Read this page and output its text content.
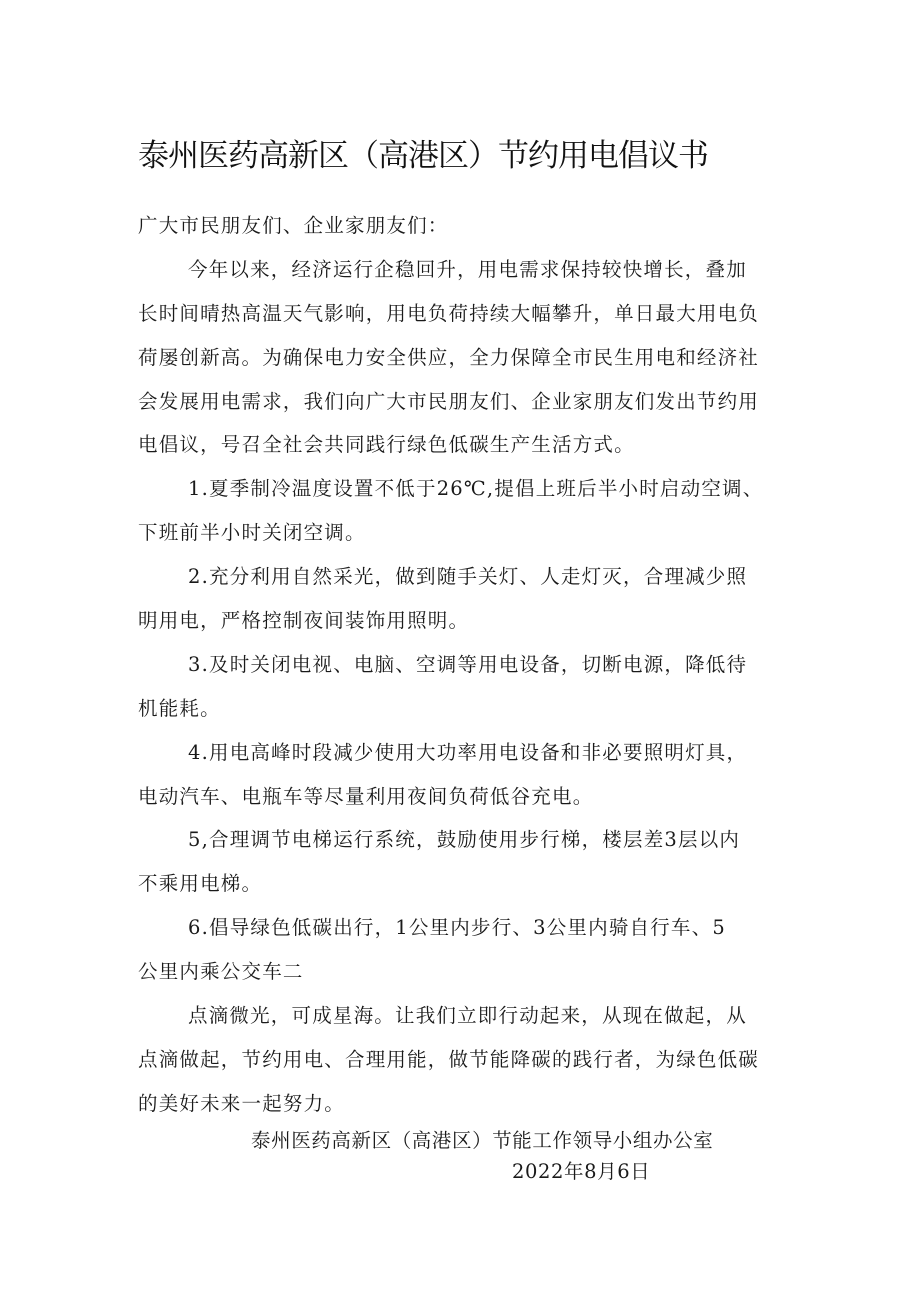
泰州医药高新区（高港区）节约用电倡议书
广大市民朋友们、企业家朋友们：
今年以来，经济运行企稳回升，用电需求保持较快增长，叠加
长时间晴热高温天气影响，用电负荷持续大幅攀升，单日最大用电负
荷屡创新高。为确保电力安全供应，全力保障全市民生用电和经济社
会发展用电需求，我们向广大市民朋友们、企业家朋友们发出节约用
电倡议，号召全社会共同践行绿色低碳生产生活方式。
1.夏季制冷温度设置不低于26℃,提倡上班后半小时启动空调、
下班前半小时关闭空调。
2.充分利用自然采光，做到随手关灯、人走灯灭，合理减少照
明用电，严格控制夜间装饰用照明。
3.及时关闭电视、电脑、空调等用电设备，切断电源，降低待
机能耗。
4.用电高峰时段减少使用大功率用电设备和非必要照明灯具，
电动汽车、电瓶车等尽量利用夜间负荷低谷充电。
5,合理调节电梯运行系统，鼓励使用步行梯，楼层差3层以内
不乘用电梯。
6.倡导绿色低碳出行，1公里内步行、3公里内骑自行车、5
公里内乘公交车二
点滴微光，可成星海。让我们立即行动起来，从现在做起，从
点滴做起，节约用电、合理用能，做节能降碳的践行者，为绿色低碳
的美好未来一起努力。
泰州医药高新区（高港区）节能工作领导小组办公室
2022年8月6日
